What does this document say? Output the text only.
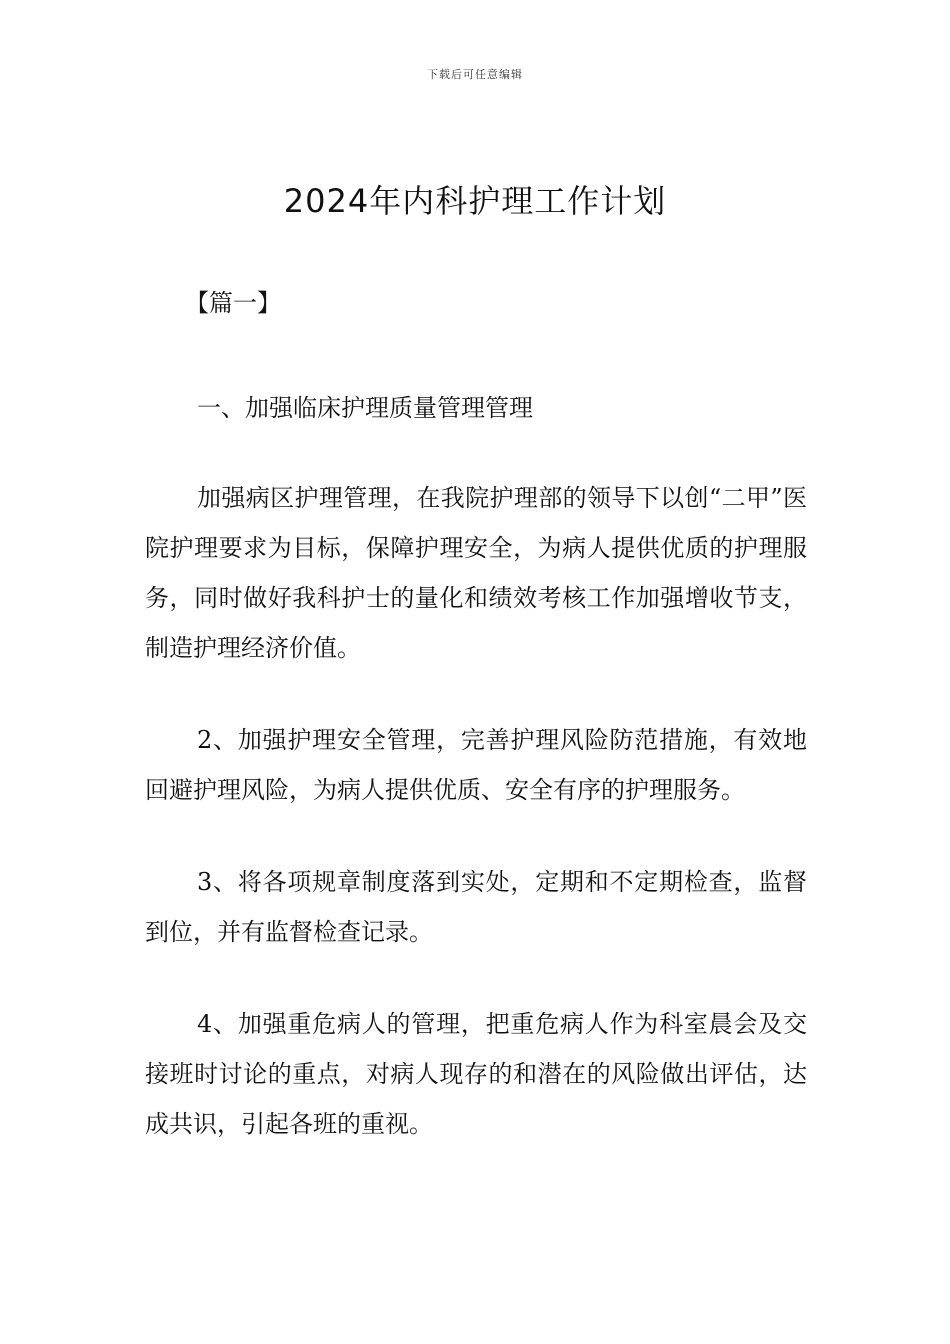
下载后可任意编辑
2024年内科护理工作计划

【篇一】

一、加强临床护理质量管理管理

加强病区护理管理，在我院护理部的领导下以创“二甲”医院护理要求为目标，保障护理安全，为病人提供优质的护理服务，同时做好我科护士的量化和绩效考核工作加强增收节支，制造护理经济价值。

2、加强护理安全管理，完善护理风险防范措施，有效地回避护理风险，为病人提供优质、安全有序的护理服务。

3、将各项规章制度落到实处，定期和不定期检查，监督到位，并有监督检查记录。

4、加强重危病人的管理，把重危病人作为科室晨会及交接班时讨论的重点，对病人现存的和潜在的风险做出评估，达成共识，引起各班的重视。
